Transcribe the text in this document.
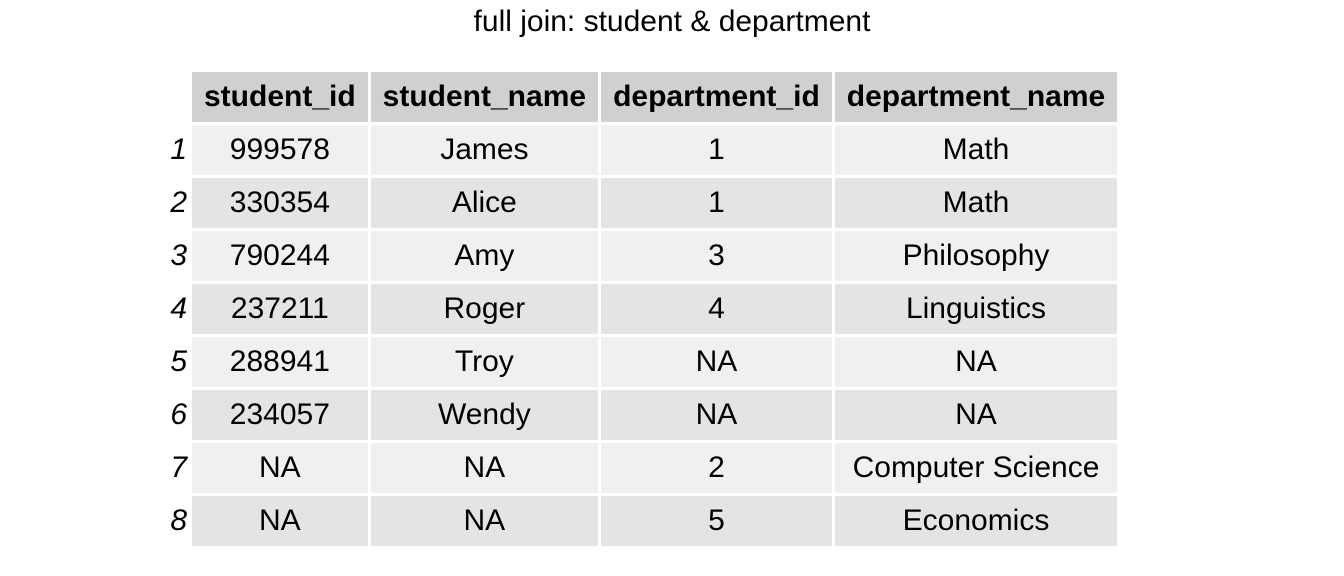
full join: student & department
	student_id	student_name	department_id	department_name
1	999578	James	1	Math
2	330354	Alice	1	Math
3	790244	Amy	3	Philosophy
4	237211	Roger	4	Linguistics
5	288941	Troy	NA	NA
6	234057	Wendy	NA	NA
7	NA	NA	2	Computer Science
8	NA	NA	5	Economics
